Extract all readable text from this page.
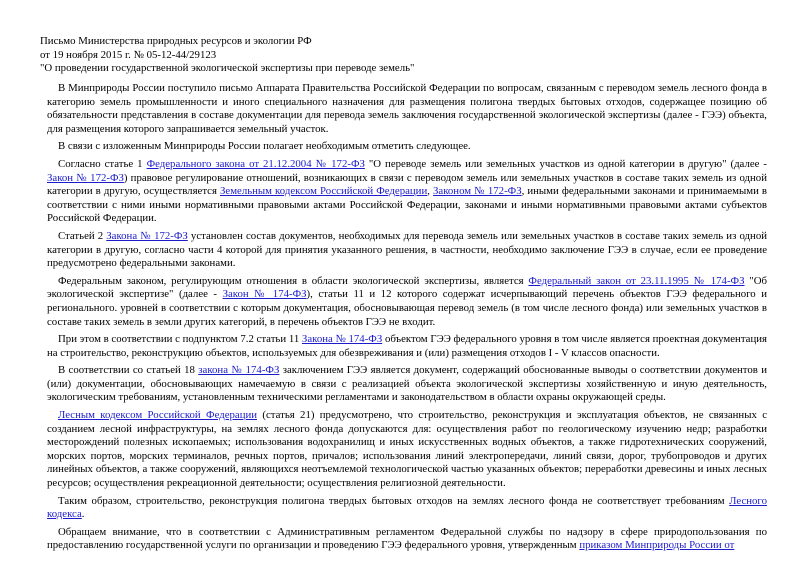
Письмо Министерства природных ресурсов и экологии РФ
от 19 ноября 2015 г. № 05-12-44/29123
"О проведении государственной экологической экспертизы при переводе земель"

В Минприроды России поступило письмо Аппарата Правительства Российской Федерации по вопросам, связанным с переводом земель лесного фонда в категорию земель промышленности и иного специального назначения для размещения полигона твердых бытовых отходов, содержащее позицию об обязательности представления в составе документации для перевода земель заключения государственной экологической экспертизы (далее - ГЭЭ) объекта, для размещения которого запрашивается земельный участок.

В связи с изложенным Минприроды России полагает необходимым отметить следующее.

Согласно статье 1 Федерального закона от 21.12.2004 № 172-ФЗ "О переводе земель или земельных участков из одной категории в другую" (далее - Закон № 172-ФЗ) правовое регулирование отношений, возникающих в связи с переводом земель или земельных участков в составе таких земель из одной категории в другую, осуществляется Земельным кодексом Российской Федерации, Законом № 172-ФЗ, иными федеральными законами и принимаемыми в соответствии с ними иными нормативными правовыми актами Российской Федерации, законами и иными нормативными правовыми актами субъектов Российской Федерации.

Статьей 2 Закона № 172-ФЗ установлен состав документов, необходимых для перевода земель или земельных участков в составе таких земель из одной категории в другую, согласно части 4 которой для принятия указанного решения, в частности, необходимо заключение ГЭЭ в случае, если ее проведение предусмотрено федеральными законами.

Федеральным законом, регулирующим отношения в области экологической экспертизы, является Федеральный закон от 23.11.1995 № 174-ФЗ "Об экологической экспертизе" (далее - Закон № 174-ФЗ), статьи 11 и 12 которого содержат исчерпывающий перечень объектов ГЭЭ федерального и регионального. уровней в соответствии с которым документация, обосновывающая перевод земель (в том числе лесного фонда) или земельных участков в составе таких земель в земли других категорий, в перечень объектов ГЭЭ не входит.

При этом в соответствии с подпунктом 7.2 статьи 11 Закона № 174-ФЗ объектом ГЭЭ федерального уровня в том числе является проектная документация на строительство, реконструкцию объектов, используемых для обезвреживания и (или) размещения отходов I - V классов опасности.

В соответствии со статьей 18 закона № 174-ФЗ заключением ГЭЭ является документ, содержащий обоснованные выводы о соответствии документов и (или) документации, обосновывающих намечаемую в связи с реализацией объекта экологической экспертизы хозяйственную и иную деятельность, экологическим требованиям, установленным техническими регламентами и законодательством в области охраны окружающей среды.

Лесным кодексом Российской Федерации (статья 21) предусмотрено, что строительство, реконструкция и эксплуатация объектов, не связанных с созданием лесной инфраструктуры, на землях лесного фонда допускаются для: осуществления работ по геологическому изучению недр; разработки месторождений полезных ископаемых; использования водохранилищ и иных искусственных водных объектов, а также гидротехнических сооружений, морских портов, морских терминалов, речных портов, причалов; использования линий электропередачи, линий связи, дорог, трубопроводов и других линейных объектов, а также сооружений, являющихся неотъемлемой технологической частью указанных объектов; переработки древесины и иных лесных ресурсов; осуществления рекреационной деятельности; осуществления религиозной деятельности.

Таким образом, строительство, реконструкция полигона твердых бытовых отходов на землях лесного фонда не соответствует требованиям Лесного кодекса.

Обращаем внимание, что в соответствии с Административным регламентом Федеральной службы по надзору в сфере природопользования по предоставлению государственной услуги по организации и проведению ГЭЭ федерального уровня, утвержденным приказом Минприроды России от
